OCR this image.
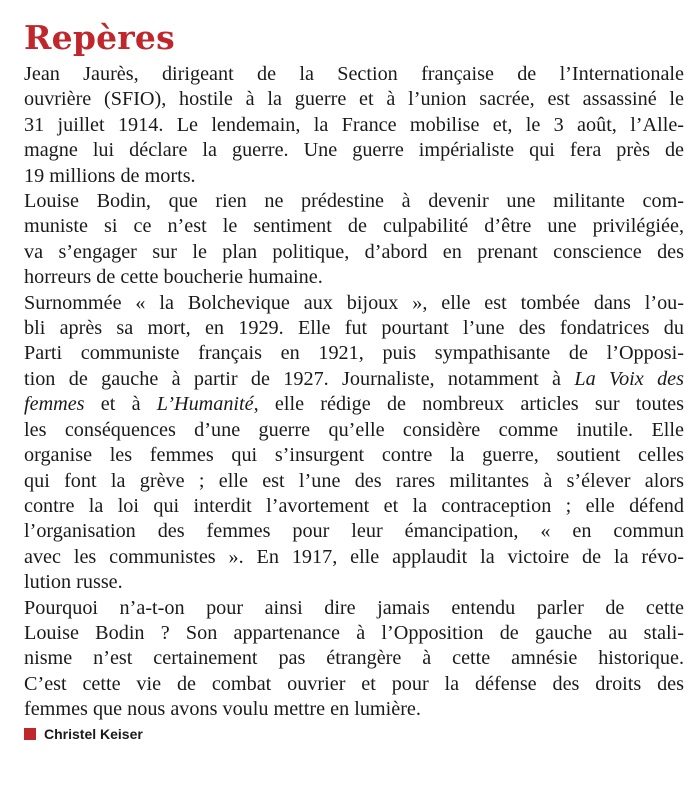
Repères

Jean Jaurès, dirigeant de la Section française de l’Internationale
ouvrière (SFIO), hostile à la guerre et à l’union sacrée, est assassiné le
31 juillet 1914. Le lendemain, la France mobilise et, le 3 août, l’Alle-
magne lui déclare la guerre. Une guerre impérialiste qui fera près de
19 millions de morts.

Louise Bodin, que rien ne prédestine à devenir une militante com-
muniste si ce n’est le sentiment de culpabilité d’être une privilégiée,
va s’engager sur le plan politique, d’abord en prenant conscience des
horreurs de cette boucherie humaine.

Surnommée « la Bolchevique aux bijoux », elle est tombée dans l’ou-
bli après sa mort, en 1929. Elle fut pourtant l’une des fondatrices du
Parti communiste français en 1921, puis sympathisante de l’Opposi-
tion de gauche à partir de 1927. Journaliste, notamment à La Voix des
femmes et à L’Humanité, elle rédige de nombreux articles sur toutes
les conséquences d’une guerre qu’elle considère comme inutile. Elle
organise les femmes qui s’insurgent contre la guerre, soutient celles
qui font la grève ; elle est l’une des rares militantes à s’élever alors
contre la loi qui interdit l’avortement et la contraception ; elle défend
l’organisation des femmes pour leur émancipation, « en commun
avec les communistes ». En 1917, elle applaudit la victoire de la révo-
lution russe.

Pourquoi n’a-t-on pour ainsi dire jamais entendu parler de cette
Louise Bodin ? Son appartenance à l’Opposition de gauche au stali-
nisme n’est certainement pas étrangère à cette amnésie historique.
C’est cette vie de combat ouvrier et pour la défense des droits des
femmes que nous avons voulu mettre en lumière.

Christel Keiser
